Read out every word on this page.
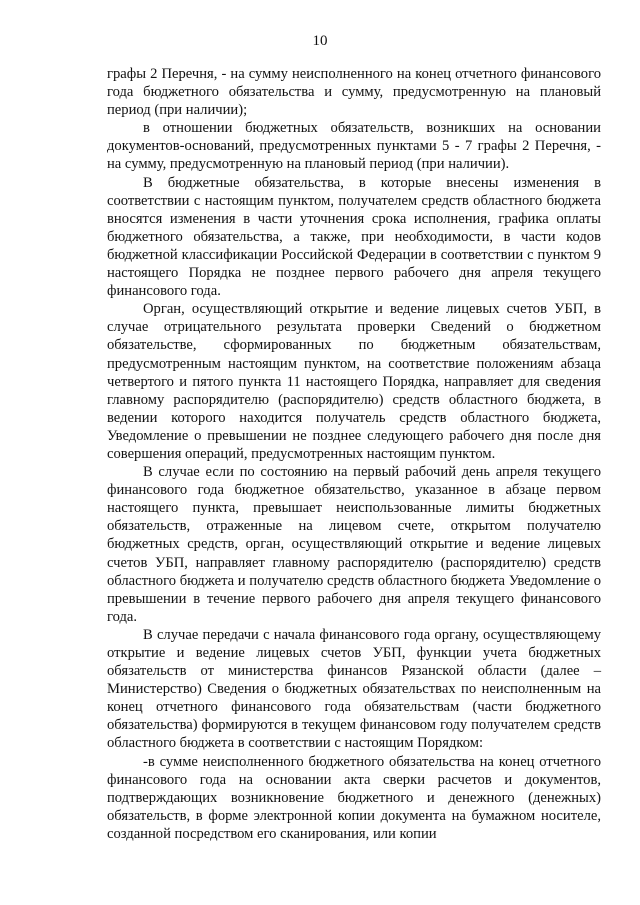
10

графы 2 Перечня, - на сумму неисполненного на конец отчетного финансового года бюджетного обязательства и сумму, предусмотренную на плановый период (при наличии);

в отношении бюджетных обязательств, возникших на основании документов-оснований, предусмотренных пунктами 5 - 7 графы 2 Перечня, - на сумму, предусмотренную на плановый период (при наличии).

В бюджетные обязательства, в которые внесены изменения в соответствии с настоящим пунктом, получателем средств областного бюджета вносятся изменения в части уточнения срока исполнения, графика оплаты бюджетного обязательства, а также, при необходимости, в части кодов бюджетной классификации Российской Федерации в соответствии с пунктом 9 настоящего Порядка не позднее первого рабочего дня апреля текущего финансового года.

Орган, осуществляющий открытие и ведение лицевых счетов УБП, в случае отрицательного результата проверки Сведений о бюджетном обязательстве, сформированных по бюджетным обязательствам, предусмотренным настоящим пунктом, на соответствие положениям абзаца четвертого и пятого пункта 11 настоящего Порядка, направляет для сведения главному распорядителю (распорядителю) средств областного бюджета, в ведении которого находится получатель средств областного бюджета, Уведомление о превышении не позднее следующего рабочего дня после дня совершения операций, предусмотренных настоящим пунктом.

В случае если по состоянию на первый рабочий день апреля текущего финансового года бюджетное обязательство, указанное в абзаце первом настоящего пункта, превышает неиспользованные лимиты бюджетных обязательств, отраженные на лицевом счете, открытом получателю бюджетных средств, орган, осуществляющий открытие и ведение лицевых счетов УБП, направляет главному распорядителю (распорядителю) средств областного бюджета и получателю средств областного бюджета Уведомление о превышении в течение первого рабочего дня апреля текущего финансового года.

В случае передачи с начала финансового года органу, осуществляющему открытие и ведение лицевых счетов УБП, функции учета бюджетных обязательств от министерства финансов Рязанской области (далее – Министерство) Сведения о бюджетных обязательствах по неисполненным на конец отчетного финансового года обязательствам (части бюджетного обязательства) формируются в текущем финансовом году получателем средств областного бюджета в соответствии с настоящим Порядком:

-в сумме неисполненного бюджетного обязательства на конец отчетного финансового года на основании акта сверки расчетов и документов, подтверждающих возникновение бюджетного и денежного (денежных) обязательств, в форме электронной копии документа на бумажном носителе, созданной посредством его сканирования, или копии
